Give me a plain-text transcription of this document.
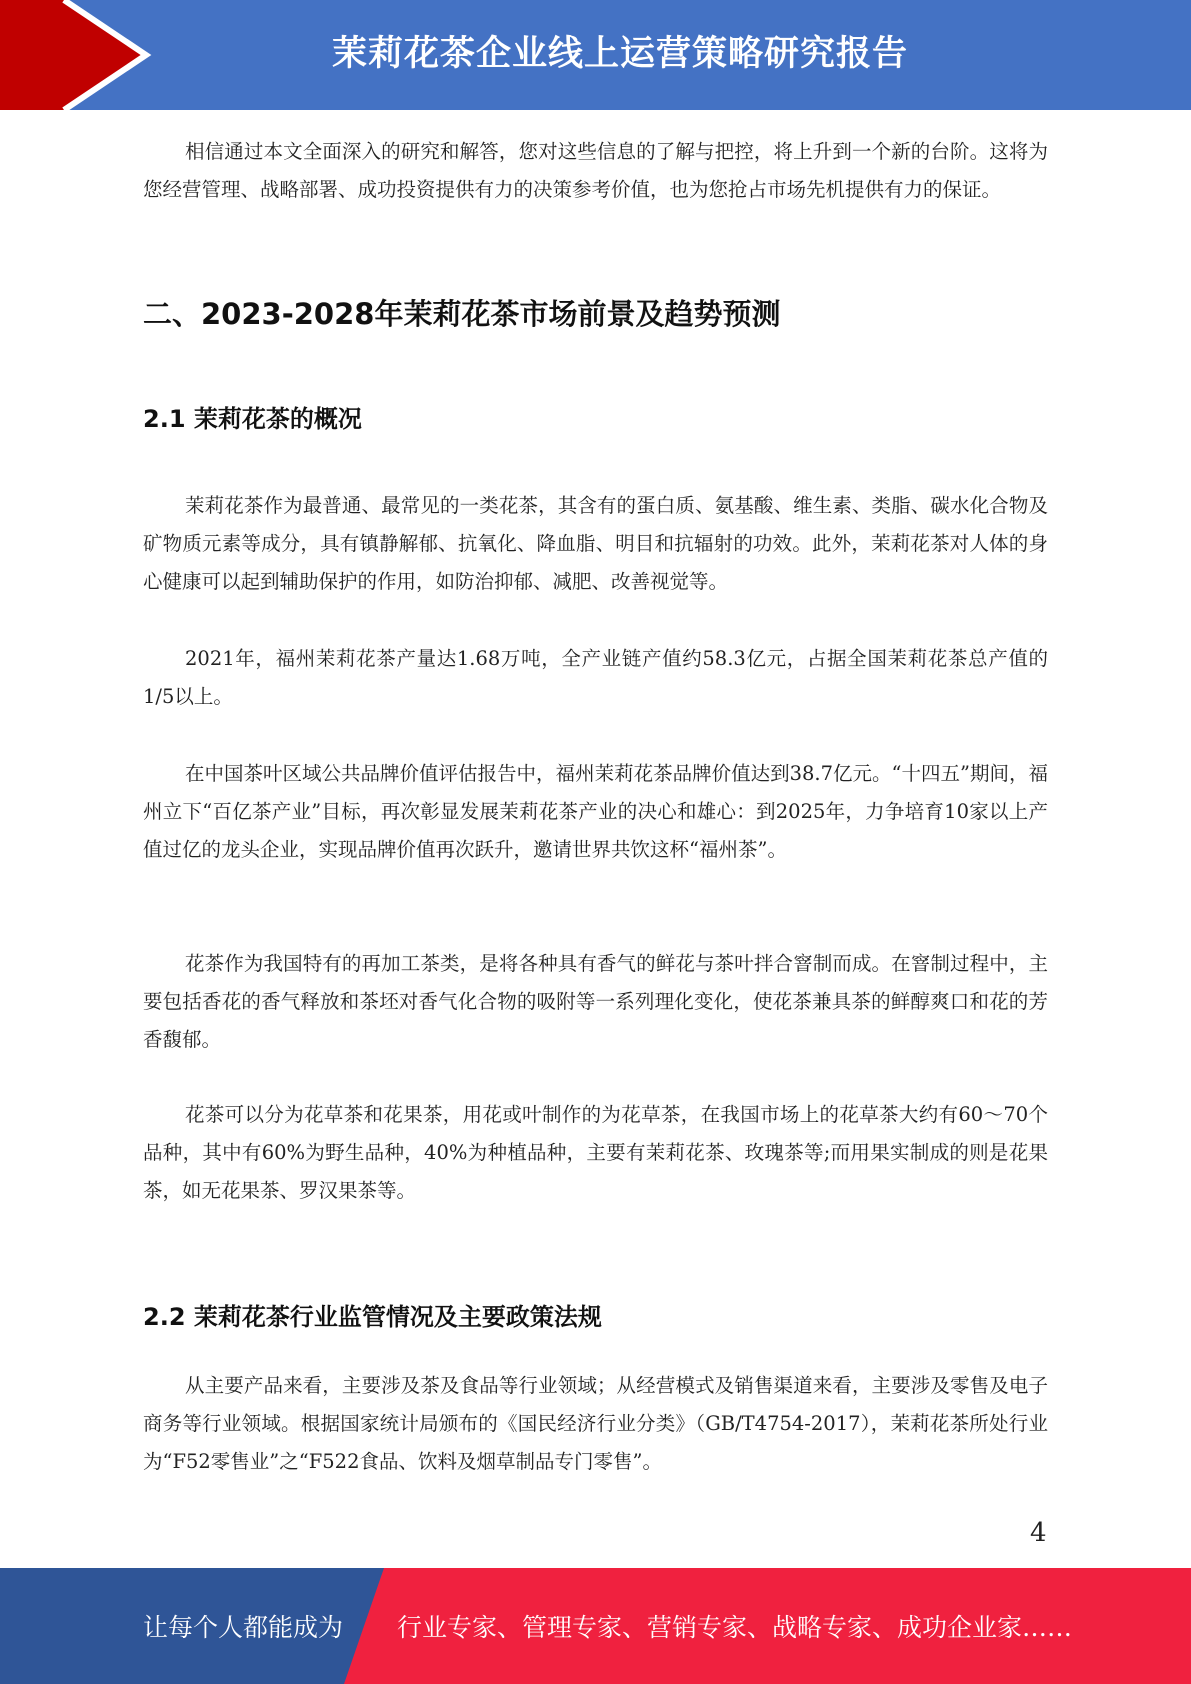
茉莉花茶企业线上运营策略研究报告

相信通过本文全面深入的研究和解答，您对这些信息的了解与把控，将上升到一个新的台阶。这将为您经营管理、战略部署、成功投资提供有力的决策参考价值，也为您抢占市场先机提供有力的保证。

二、2023-2028年茉莉花茶市场前景及趋势预测
2.1 茉莉花茶的概况

茉莉花茶作为最普通、最常见的一类花茶，其含有的蛋白质、氨基酸、维生素、类脂、碳水化合物及矿物质元素等成分，具有镇静解郁、抗氧化、降血脂、明目和抗辐射的功效。此外，茉莉花茶对人体的身心健康可以起到辅助保护的作用，如防治抑郁、减肥、改善视觉等。

2021年，福州茉莉花茶产量达1.68万吨，全产业链产值约58.3亿元，占据全国茉莉花茶总产值的1/5以上。

在中国茶叶区域公共品牌价值评估报告中，福州茉莉花茶品牌价值达到38.7亿元。“十四五”期间，福州立下“百亿茶产业”目标，再次彰显发展茉莉花茶产业的决心和雄心：到2025年，力争培育10家以上产值过亿的龙头企业，实现品牌价值再次跃升，邀请世界共饮这杯“福州茶”。

花茶作为我国特有的再加工茶类，是将各种具有香气的鲜花与茶叶拌合窨制而成。在窨制过程中，主要包括香花的香气释放和茶坯对香气化合物的吸附等一系列理化变化，使花茶兼具茶的鲜醇爽口和花的芳香馥郁。

花茶可以分为花草茶和花果茶，用花或叶制作的为花草茶，在我国市场上的花草茶大约有60～70个品种，其中有60%为野生品种，40%为种植品种，主要有茉莉花茶、玫瑰茶等;而用果实制成的则是花果茶，如无花果茶、罗汉果茶等。

2.2 茉莉花茶行业监管情况及主要政策法规

从主要产品来看，主要涉及茶及食品等行业领域；从经营模式及销售渠道来看，主要涉及零售及电子商务等行业领域。根据国家统计局颁布的《国民经济行业分类》（GB/T4754-2017），茉莉花茶所处行业为“F52零售业”之“F522食品、饮料及烟草制品专门零售”。

4
让每个人都能成为 行业专家、管理专家、营销专家、战略专家、成功企业家……
